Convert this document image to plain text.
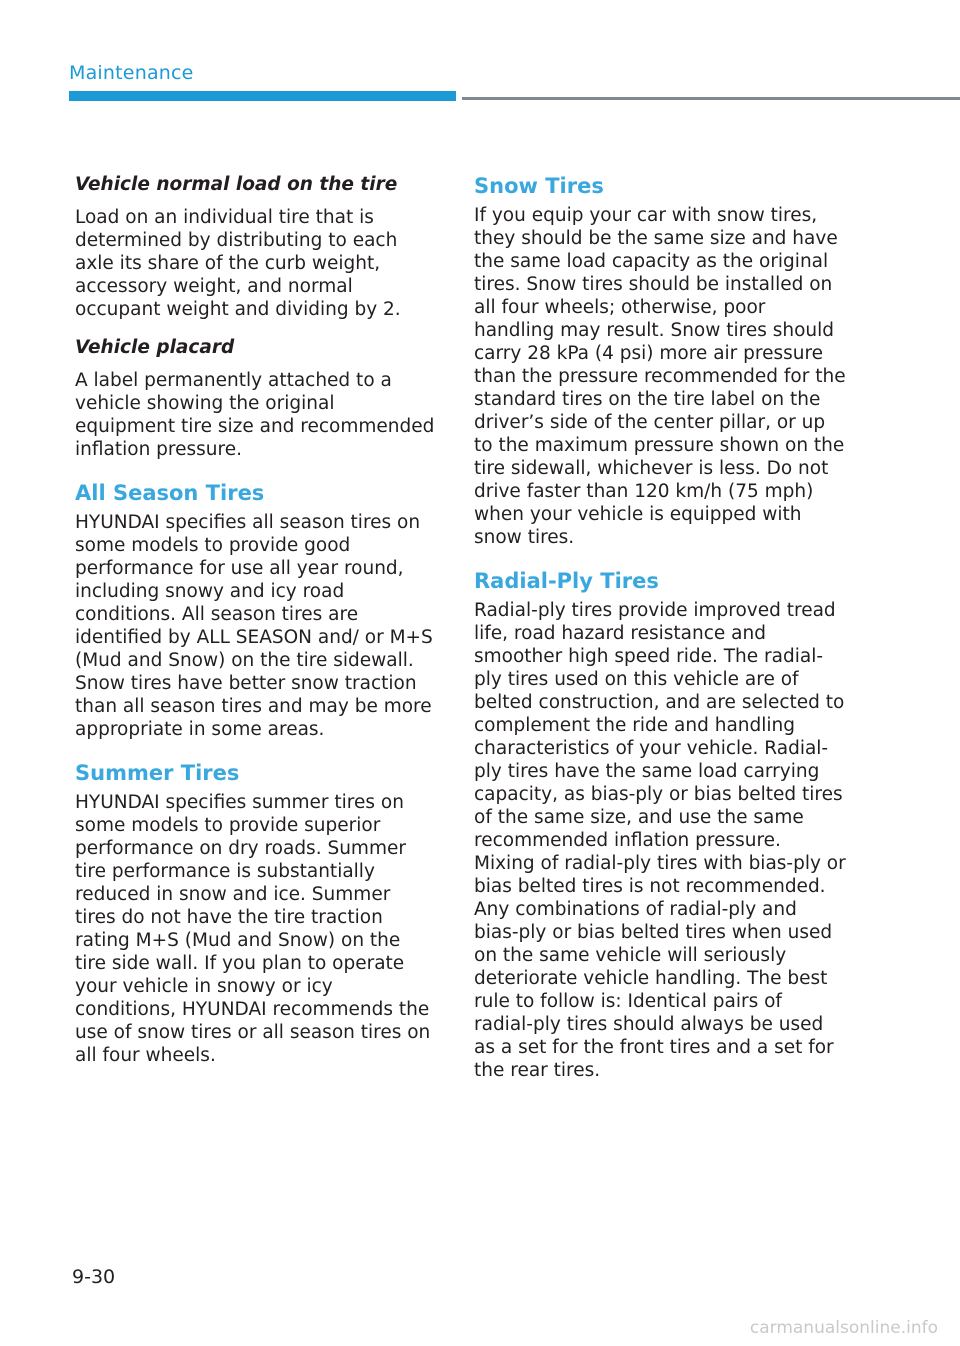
Maintenance

Vehicle normal load on the tire

Load on an individual tire that is determined by distributing to each axle its share of the curb weight, accessory weight, and normal occupant weight and dividing by 2.

Vehicle placard

A label permanently attached to a vehicle showing the original equipment tire size and recommended inflation pressure.

All Season Tires

HYUNDAI specifies all season tires on some models to provide good performance for use all year round, including snowy and icy road conditions. All season tires are identified by ALL SEASON and/ or M+S (Mud and Snow) on the tire sidewall. Snow tires have better snow traction than all season tires and may be more appropriate in some areas.

Summer Tires

HYUNDAI specifies summer tires on some models to provide superior performance on dry roads. Summer tire performance is substantially reduced in snow and ice. Summer tires do not have the tire traction rating M+S (Mud and Snow) on the tire side wall. If you plan to operate your vehicle in snowy or icy conditions, HYUNDAI recommends the use of snow tires or all season tires on all four wheels.

Snow Tires

If you equip your car with snow tires, they should be the same size and have the same load capacity as the original tires. Snow tires should be installed on all four wheels; otherwise, poor handling may result. Snow tires should carry 28 kPa (4 psi) more air pressure than the pressure recommended for the standard tires on the tire label on the driver’s side of the center pillar, or up to the maximum pressure shown on the tire sidewall, whichever is less. Do not drive faster than 120 km/h (75 mph) when your vehicle is equipped with snow tires.

Radial-Ply Tires

Radial-ply tires provide improved tread life, road hazard resistance and smoother high speed ride. The radial-ply tires used on this vehicle are of belted construction, and are selected to complement the ride and handling characteristics of your vehicle. Radial-ply tires have the same load carrying capacity, as bias-ply or bias belted tires of the same size, and use the same recommended inflation pressure. Mixing of radial-ply tires with bias-ply or bias belted tires is not recommended. Any combinations of radial-ply and bias-ply or bias belted tires when used on the same vehicle will seriously deteriorate vehicle handling. The best rule to follow is: Identical pairs of radial-ply tires should always be used as a set for the front tires and a set for the rear tires.

9-30
carmanualsonline.info
